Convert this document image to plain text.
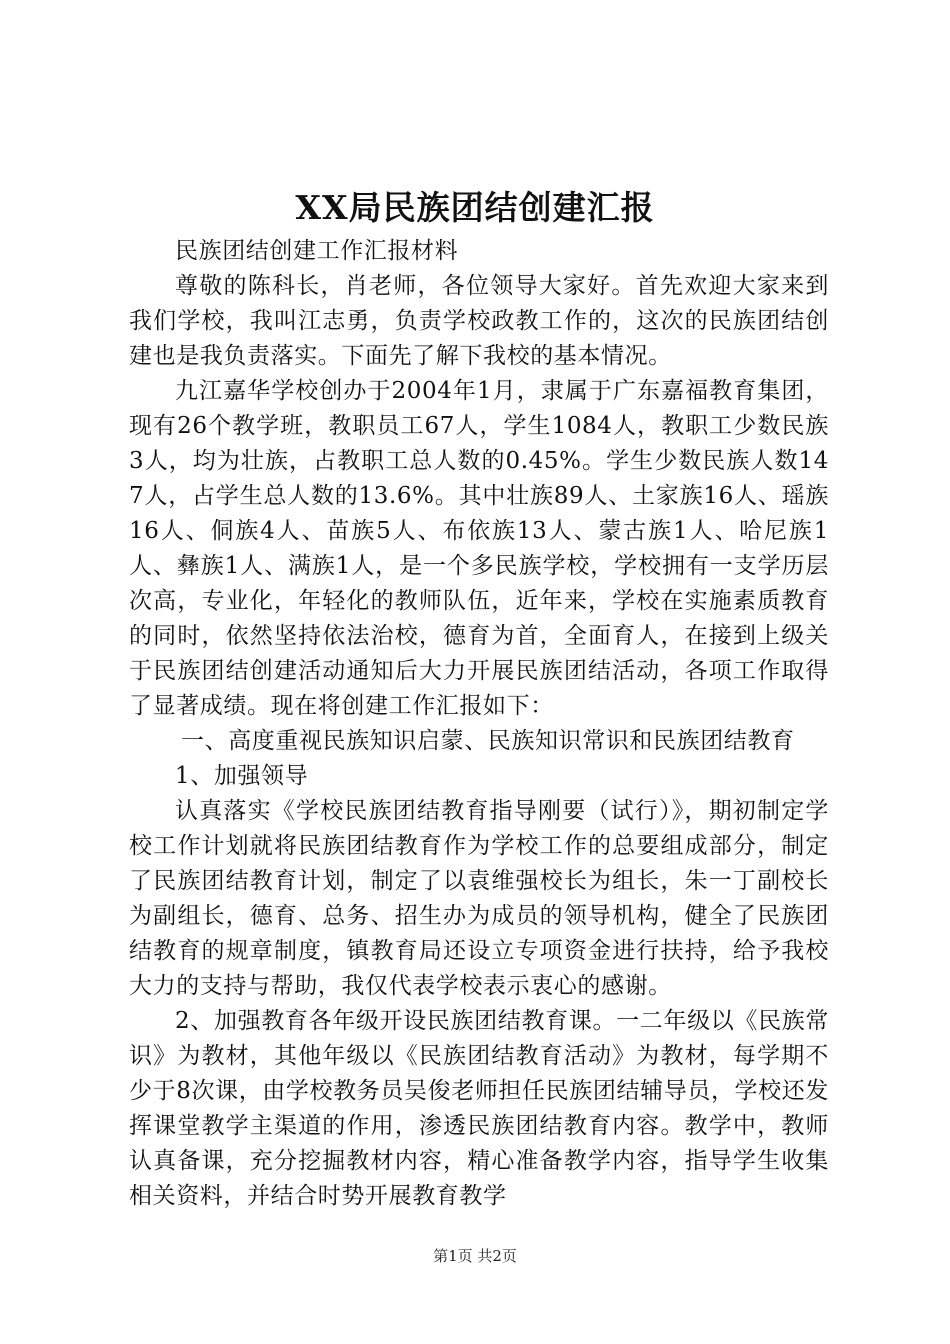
XX局民族团结创建汇报

民族团结创建工作汇报材料

尊敬的陈科长，肖老师，各位领导大家好。首先欢迎大家来到我们学校，我叫江志勇，负责学校政教工作的，这次的民族团结创建也是我负责落实。下面先了解下我校的基本情况。

九江嘉华学校创办于2004年1月，隶属于广东嘉福教育集团，现有26个教学班，教职员工67人，学生1084人，教职工少数民族3人，均为壮族，占教职工总人数的0.45%。学生少数民族人数147人，占学生总人数的13.6%。其中壮族89人、土家族16人、瑶族16人、侗族4人、苗族5人、布依族13人、蒙古族1人、哈尼族1人、彝族1人、满族1人，是一个多民族学校，学校拥有一支学历层次高，专业化，年轻化的教师队伍，近年来，学校在实施素质教育的同时，依然坚持依法治校，德育为首，全面育人，在接到上级关于民族团结创建活动通知后大力开展民族团结活动，各项工作取得了显著成绩。现在将创建工作汇报如下：

一、高度重视民族知识启蒙、民族知识常识和民族团结教育

1、加强领导

认真落实《学校民族团结教育指导刚要（试行）》，期初制定学校工作计划就将民族团结教育作为学校工作的总要组成部分，制定了民族团结教育计划，制定了以袁维强校长为组长，朱一丁副校长为副组长，德育、总务、招生办为成员的领导机构，健全了民族团结教育的规章制度，镇教育局还设立专项资金进行扶持，给予我校大力的支持与帮助，我仅代表学校表示衷心的感谢。

2、加强教育各年级开设民族团结教育课。一二年级以《民族常识》为教材，其他年级以《民族团结教育活动》为教材，每学期不少于8次课，由学校教务员吴俊老师担任民族团结辅导员，学校还发挥课堂教学主渠道的作用，渗透民族团结教育内容。教学中，教师认真备课，充分挖掘教材内容，精心准备教学内容，指导学生收集相关资料，并结合时势开展教育教学

第1页 共2页
